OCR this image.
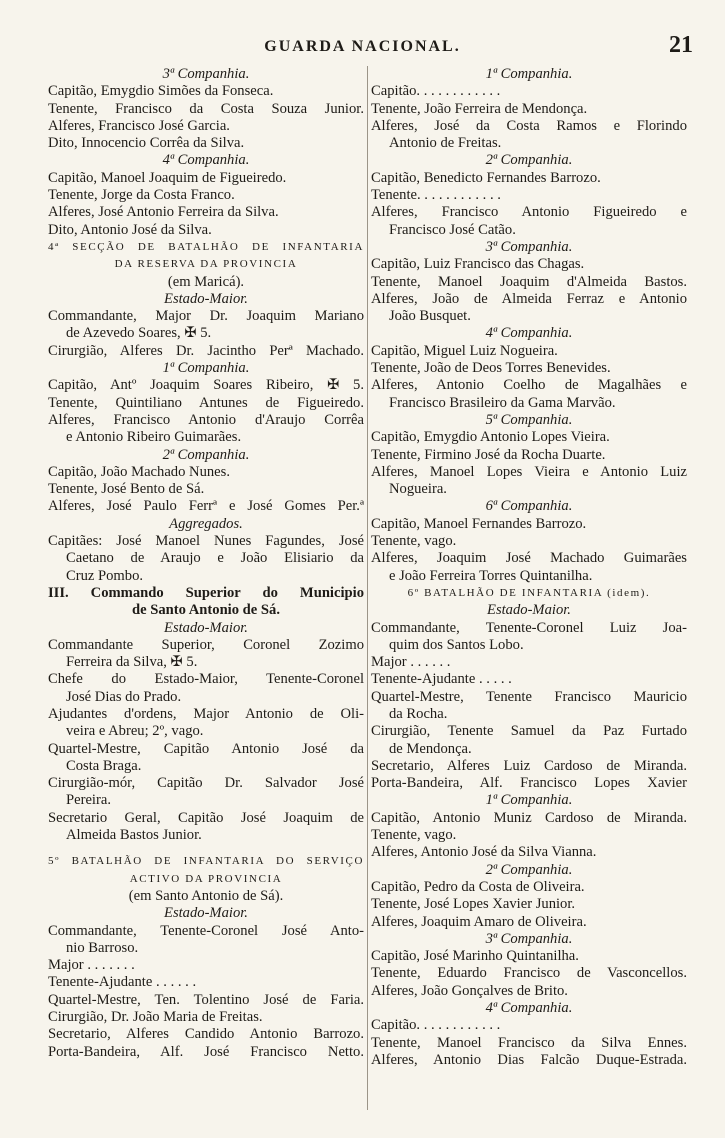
GUARDA NACIONAL.	21
3ª Companhia.
Capitão, Emygdio Simões da Fonseca.
Tenente, Francisco da Costa Souza Junior.
Alferes, Francisco José Garcia.
Dito, Innocencio Corrêa da Silva.
4ª Companhia.
Capitão, Manoel Joaquim de Figueiredo.
Tenente, Jorge da Costa Franco.
Alferes, José Antonio Ferreira da Silva.
Dito, Antonio José da Silva.
4ª SECÇÃO DE BATALHÃO DE INFANTARIA
DA RESERVA DA PROVINCIA
(em Maricá).
Estado-Maior.
Commandante, Major Dr. Joaquim Mariano
de Azevedo Soares, ✠ 5.
Cirurgião, Alferes Dr. Jacintho Perª Machado.
1ª Companhia.
Capitão, Antº Joaquim Soares Ribeiro, ✠ 5.
Tenente, Quintiliano Antunes de Figueiredo.
Alferes, Francisco Antonio d'Araujo Corrêa
e Antonio Ribeiro Guimarães.
2ª Companhia.
Capitão, João Machado Nunes.
Tenente, José Bento de Sá.
Alferes, José Paulo Ferrª e José Gomes Per.ª
Aggregados.
Capitães: José Manoel Nunes Fagundes, José
Caetano de Araujo e João Elisiario da
Cruz Pombo.
III. Commando Superior do Municipio
de Santo Antonio de Sá.
Estado-Maior.
Commandante Superior, Coronel Zozimo
Ferreira da Silva, ✠ 5.
Chefe do Estado-Maior, Tenente-Coronel
José Dias do Prado.
Ajudantes d'ordens, Major Antonio de Oli-
veira e Abreu; 2º, vago.
Quartel-Mestre, Capitão Antonio José da
Costa Braga.
Cirurgião-mór, Capitão Dr. Salvador José
Pereira.
Secretario Geral, Capitão José Joaquim de
Almeida Bastos Junior.
5º BATALHÃO DE INFANTARIA DO SERVIÇO
ACTIVO DA PROVINCIA
(em Santo Antonio de Sá).
Estado-Maior.
Commandante, Tenente-Coronel José Anto-
nio Barroso.
Major . . . . . . .
Tenente-Ajudante . . . . . .
Quartel-Mestre, Ten. Tolentino José de Faria.
Cirurgião, Dr. João Maria de Freitas.
Secretario, Alferes Candido Antonio Barrozo.
Porta-Bandeira, Alf. José Francisco Netto.
1ª Companhia.
Capitão. . . . . . . . . . . .
Tenente, João Ferreira de Mendonça.
Alferes, José da Costa Ramos e Florindo
Antonio de Freitas.
2ª Companhia.
Capitão, Benedicto Fernandes Barrozo.
Tenente. . . . . . . . . . . .
Alferes, Francisco Antonio Figueiredo e
Francisco José Catão.
3ª Companhia.
Capitão, Luiz Francisco das Chagas.
Tenente, Manoel Joaquim d'Almeida Bastos.
Alferes, João de Almeida Ferraz e Antonio
João Busquet.
4ª Companhia.
Capitão, Miguel Luiz Nogueira.
Tenente, João de Deos Torres Benevides.
Alferes, Antonio Coelho de Magalhães e
Francisco Brasileiro da Gama Marvão.
5ª Companhia.
Capitão, Emygdio Antonio Lopes Vieira.
Tenente, Firmino José da Rocha Duarte.
Alferes, Manoel Lopes Vieira e Antonio Luiz
Nogueira.
6ª Companhia.
Capitão, Manoel Fernandes Barrozo.
Tenente, vago.
Alferes, Joaquim José Machado Guimarães
e João Ferreira Torres Quintanilha.
6º BATALHÃO DE INFANTARIA (idem).
Estado-Maior.
Commandante, Tenente-Coronel Luiz Joa-
quim dos Santos Lobo.
Major . . . . . .
Tenente-Ajudante . . . . .
Quartel-Mestre, Tenente Francisco Mauricio
da Rocha.
Cirurgião, Tenente Samuel da Paz Furtado
de Mendonça.
Secretario, Alferes Luiz Cardoso de Miranda.
Porta-Bandeira, Alf. Francisco Lopes Xavier
1ª Companhia.
Capitão, Antonio Muniz Cardoso de Miranda.
Tenente, vago.
Alferes, Antonio José da Silva Vianna.
2ª Companhia.
Capitão, Pedro da Costa de Oliveira.
Tenente, José Lopes Xavier Junior.
Alferes, Joaquim Amaro de Oliveira.
3ª Companhia.
Capitão, José Marinho Quintanilha.
Tenente, Eduardo Francisco de Vasconcellos.
Alferes, João Gonçalves de Brito.
4ª Companhia.
Capitão. . . . . . . . . . . .
Tenente, Manoel Francisco da Silva Ennes.
Alferes, Antonio Dias Falcão Duque-Estrada.
